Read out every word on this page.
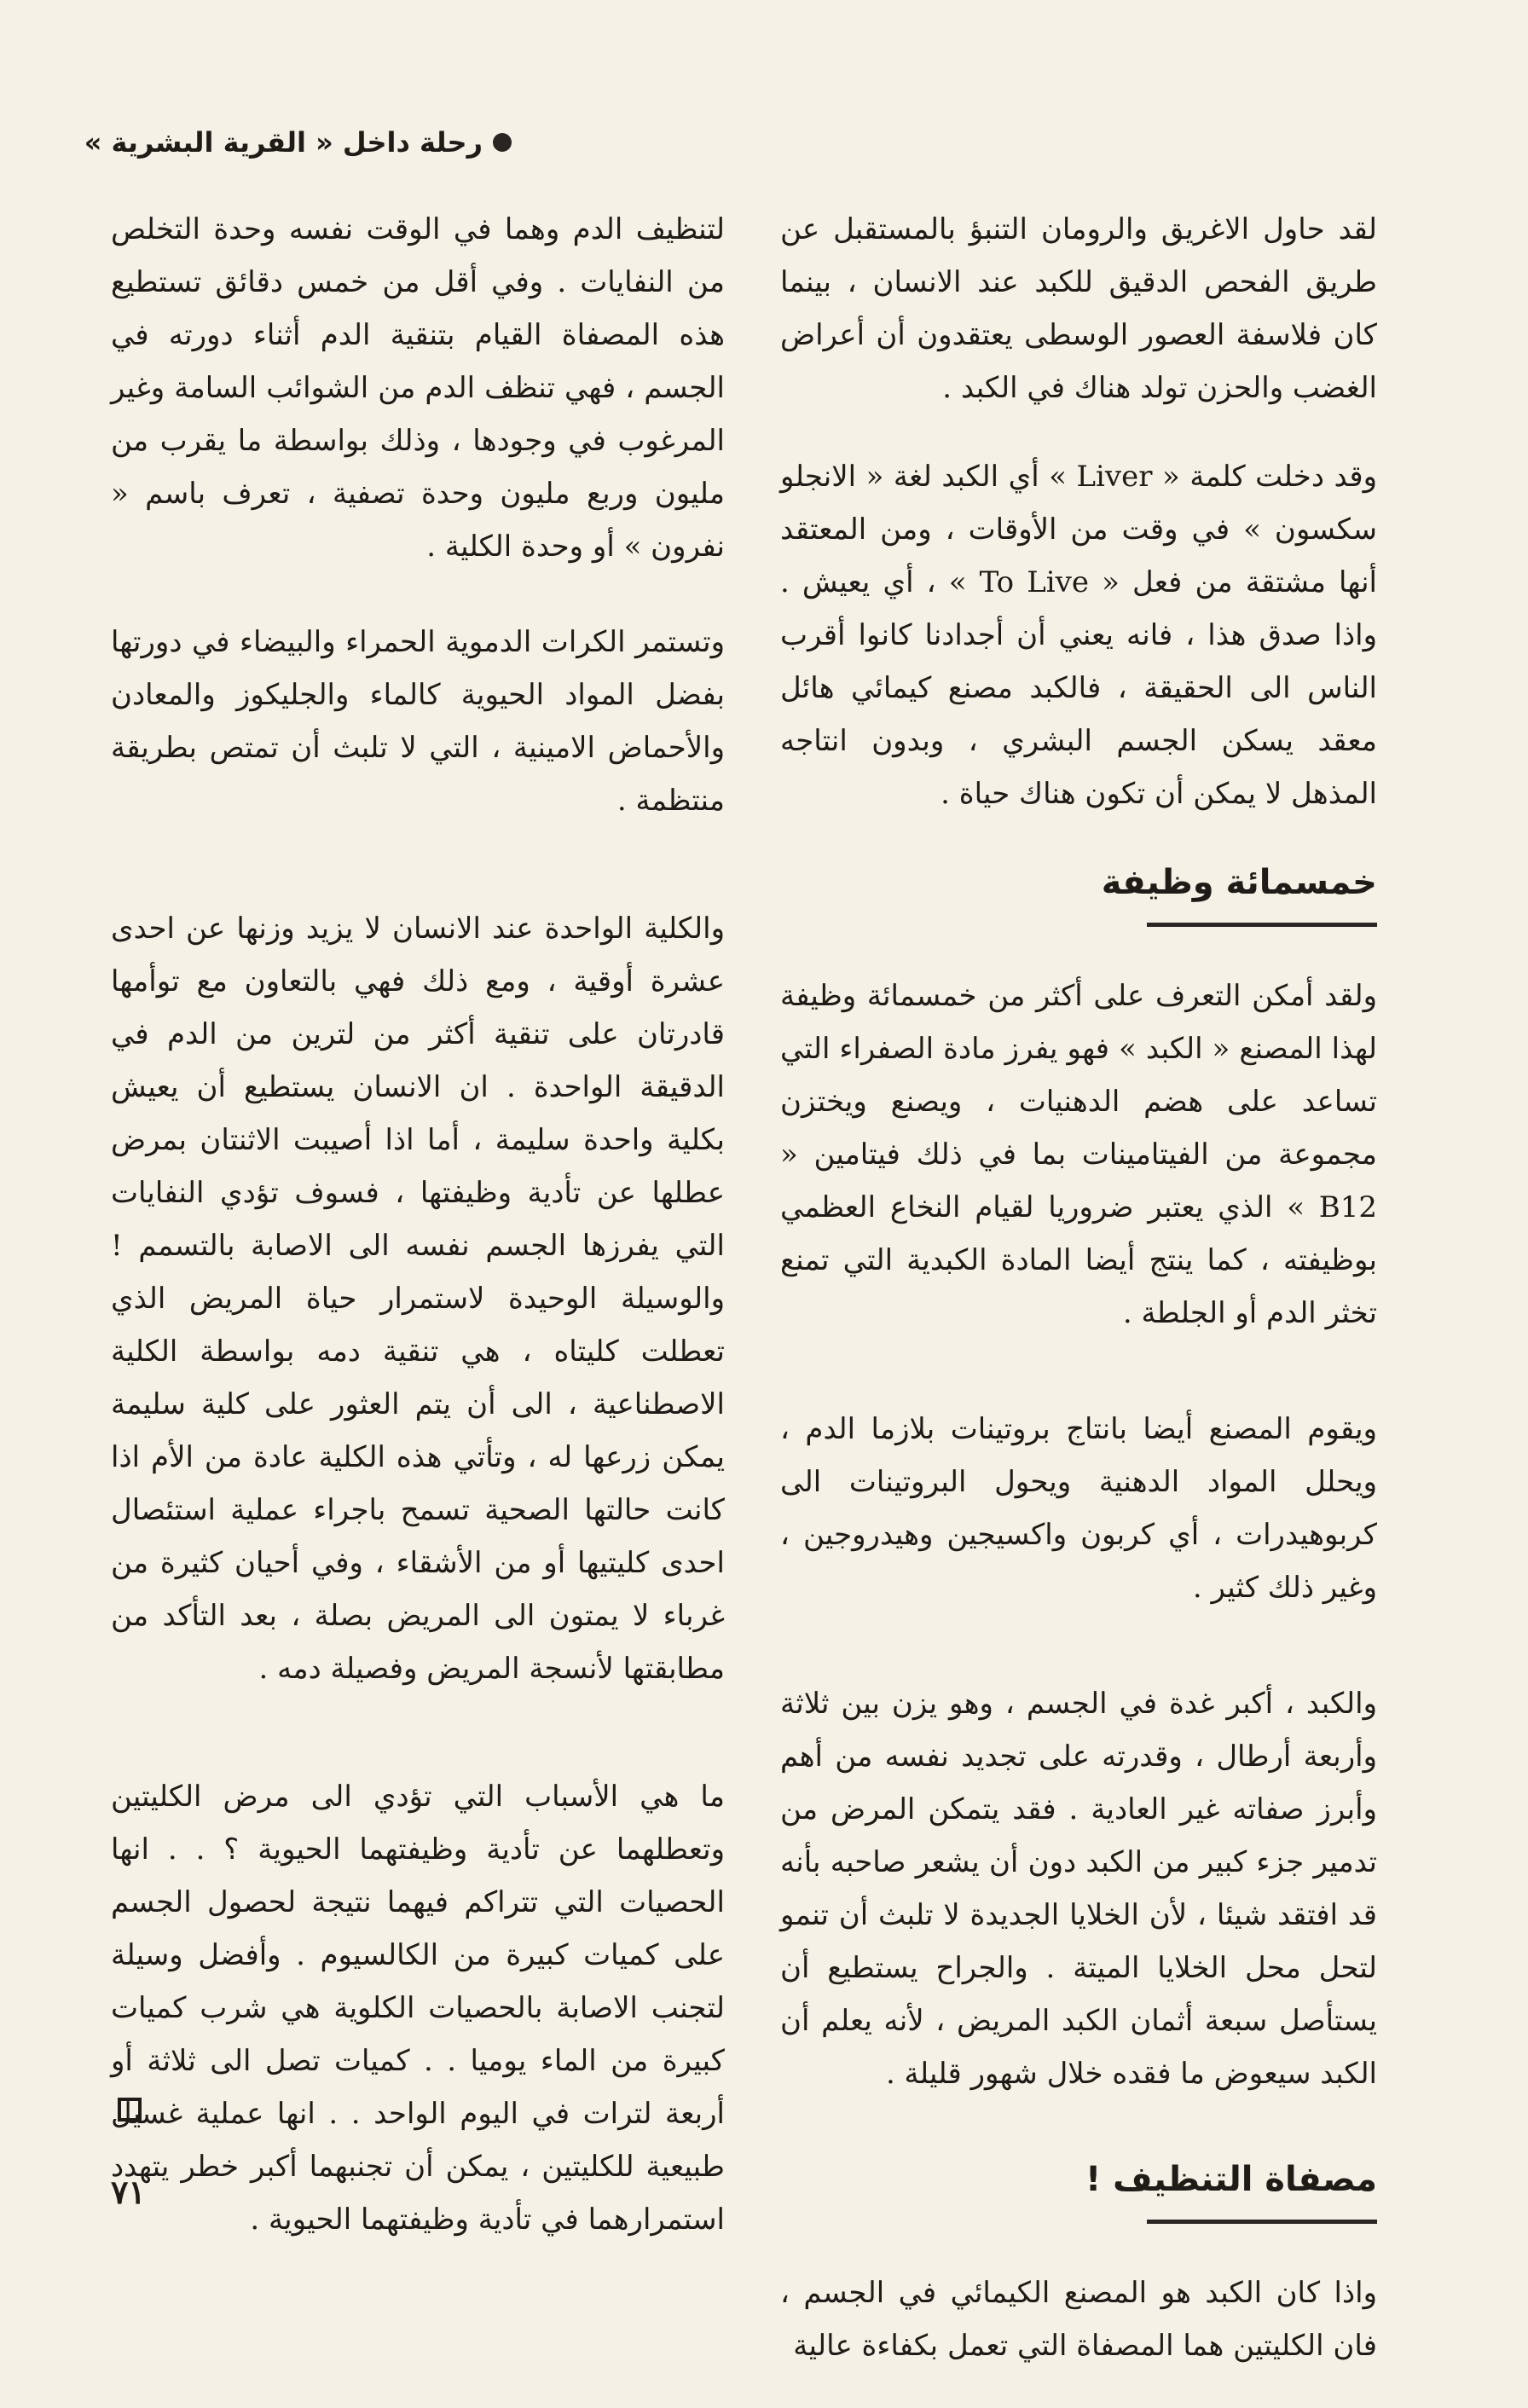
رحلة داخل « القرية البشرية »
لقد حاول الاغريق والرومان التنبؤ بالمستقبل عن طريق الفحص الدقيق للكبد عند الانسان ، بينما كان فلاسفة العصور الوسطى يعتقدون أن أعراض الغضب والحزن تولد هناك في الكبد .
وقد دخلت كلمة « Liver » أي الكبد لغة « الانجلو سكسون » في وقت من الأوقات ، ومن المعتقد أنها مشتقة من فعل « To Live » ، أي يعيش . واذا صدق هذا ، فانه يعني أن أجدادنا كانوا أقرب الناس الى الحقيقة ، فالكبد مصنع كيمائي هائل معقد يسكن الجسم البشري ، وبدون انتاجه المذهل لا يمكن أن تكون هناك حياة .
خمسمائة وظيفة
ولقد أمكن التعرف على أكثر من خمسمائة وظيفة لهذا المصنع « الكبد » فهو يفرز مادة الصفراء التي تساعد على هضم الدهنيات ، ويصنع ويختزن مجموعة من الفيتامينات بما في ذلك فيتامين « B12 » الذي يعتبر ضروريا لقيام النخاع العظمي بوظيفته ، كما ينتج أيضا المادة الكبدية التي تمنع تخثر الدم أو الجلطة .
ويقوم المصنع أيضا بانتاج بروتينات بلازما الدم ، ويحلل المواد الدهنية ويحول البروتينات الى كربوهيدرات ، أي كربون واكسيجين وهيدروجين ، وغير ذلك كثير .
والكبد ، أكبر غدة في الجسم ، وهو يزن بين ثلاثة وأربعة أرطال ، وقدرته على تجديد نفسه من أهم وأبرز صفاته غير العادية . فقد يتمكن المرض من تدمير جزء كبير من الكبد دون أن يشعر صاحبه بأنه قد افتقد شيئا ، لأن الخلايا الجديدة لا تلبث أن تنمو لتحل محل الخلايا الميتة . والجراح يستطيع أن يستأصل سبعة أثمان الكبد المريض ، لأنه يعلم أن الكبد سيعوض ما فقده خلال شهور قليلة .
مصفاة التنظيف !
واذا كان الكبد هو المصنع الكيمائي في الجسم ، فان الكليتين هما المصفاة التي تعمل بكفاءة عالية
لتنظيف الدم وهما في الوقت نفسه وحدة التخلص من النفايات . وفي أقل من خمس دقائق تستطيع هذه المصفاة القيام بتنقية الدم أثناء دورته في الجسم ، فهي تنظف الدم من الشوائب السامة وغير المرغوب في وجودها ، وذلك بواسطة ما يقرب من مليون وربع مليون وحدة تصفية ، تعرف باسم « نفرون » أو وحدة الكلية .
وتستمر الكرات الدموية الحمراء والبيضاء في دورتها بفضل المواد الحيوية كالماء والجليكوز والمعادن والأحماض الامينية ، التي لا تلبث أن تمتص بطريقة منتظمة .
والكلية الواحدة عند الانسان لا يزيد وزنها عن احدى عشرة أوقية ، ومع ذلك فهي بالتعاون مع توأمها قادرتان على تنقية أكثر من لترين من الدم في الدقيقة الواحدة . ان الانسان يستطيع أن يعيش بكلية واحدة سليمة ، أما اذا أصيبت الاثنتان بمرض عطلها عن تأدية وظيفتها ، فسوف تؤدي النفايات التي يفرزها الجسم نفسه الى الاصابة بالتسمم ! والوسيلة الوحيدة لاستمرار حياة المريض الذي تعطلت كليتاه ، هي تنقية دمه بواسطة الكلية الاصطناعية ، الى أن يتم العثور على كلية سليمة يمكن زرعها له ، وتأتي هذه الكلية عادة من الأم اذا كانت حالتها الصحية تسمح باجراء عملية استئصال احدى كليتيها أو من الأشقاء ، وفي أحيان كثيرة من غرباء لا يمتون الى المريض بصلة ، بعد التأكد من مطابقتها لأنسجة المريض وفصيلة دمه .
ما هي الأسباب التي تؤدي الى مرض الكليتين وتعطلهما عن تأدية وظيفتهما الحيوية ؟ . . انها الحصيات التي تتراكم فيهما نتيجة لحصول الجسم على كميات كبيرة من الكالسيوم . وأفضل وسيلة لتجنب الاصابة بالحصيات الكلوية هي شرب كميات كبيرة من الماء يوميا . . كميات تصل الى ثلاثة أو أربعة لترات في اليوم الواحد . . انها عملية غسيل طبيعية للكليتين ، يمكن أن تجنبهما أكبر خطر يتهدد استمرارهما في تأدية وظيفتهما الحيوية .
٧١
